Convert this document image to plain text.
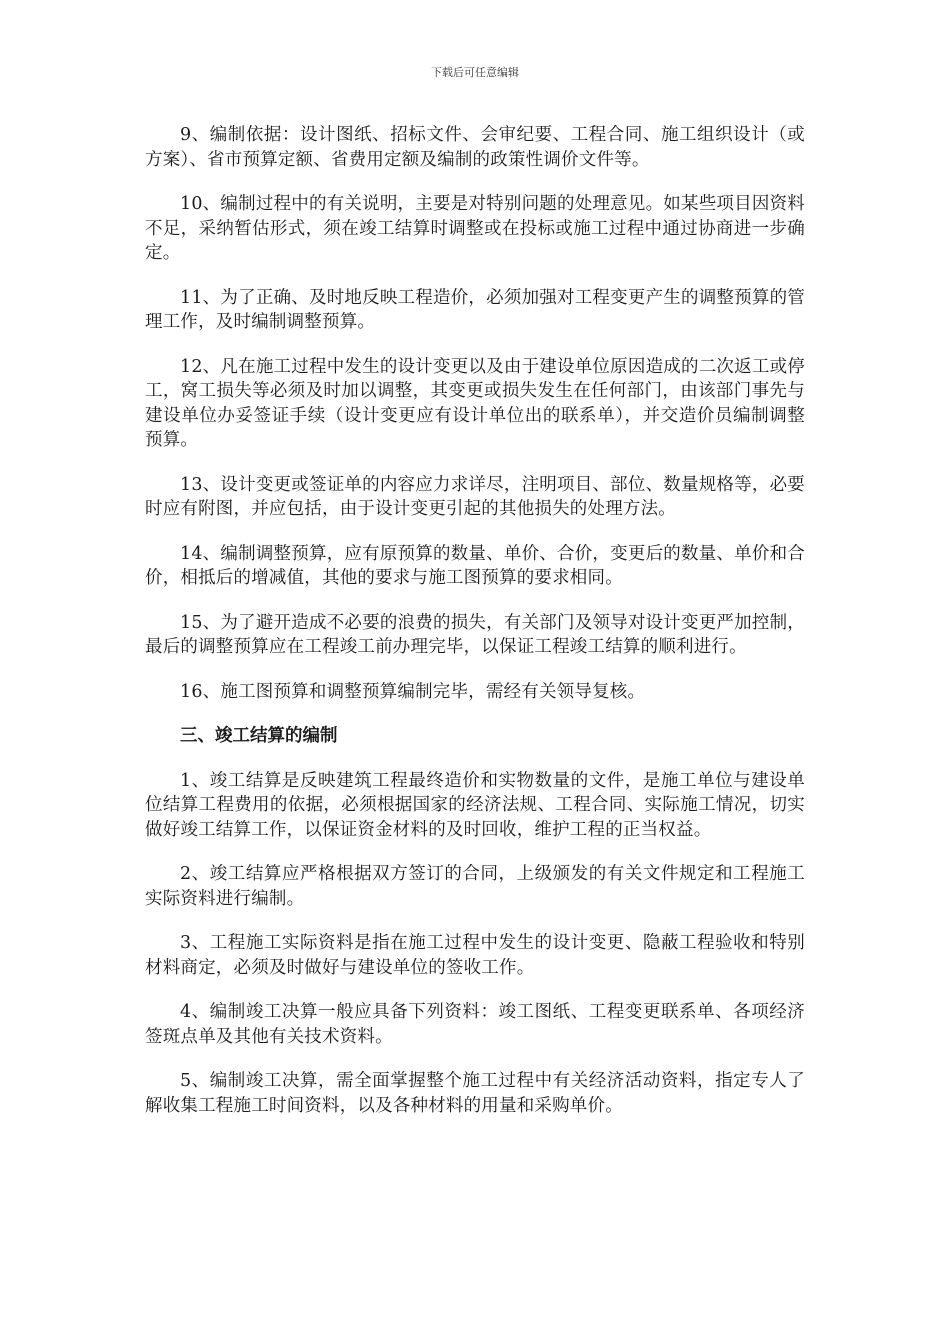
下载后可任意编辑

9、编制依据：设计图纸、招标文件、会审纪要、工程合同、施工组织设计（或方案）、省市预算定额、省费用定额及编制的政策性调价文件等。

10、编制过程中的有关说明，主要是对特别问题的处理意见。如某些项目因资料不足，采纳暂估形式，须在竣工结算时调整或在投标或施工过程中通过协商进一步确定。

11、为了正确、及时地反映工程造价，必须加强对工程变更产生的调整预算的管理工作，及时编制调整预算。

12、凡在施工过程中发生的设计变更以及由于建设单位原因造成的二次返工或停工，窝工损失等必须及时加以调整，其变更或损失发生在任何部门，由该部门事先与建设单位办妥签证手续（设计变更应有设计单位出的联系单），并交造价员编制调整预算。

13、设计变更或签证单的内容应力求详尽，注明项目、部位、数量规格等，必要时应有附图，并应包括，由于设计变更引起的其他损失的处理方法。

14、编制调整预算，应有原预算的数量、单价、合价，变更后的数量、单价和合价，相抵后的增减值，其他的要求与施工图预算的要求相同。

15、为了避开造成不必要的浪费的损失，有关部门及领导对设计变更严加控制，最后的调整预算应在工程竣工前办理完毕，以保证工程竣工结算的顺利进行。

16、施工图预算和调整预算编制完毕，需经有关领导复核。

三、竣工结算的编制

1、竣工结算是反映建筑工程最终造价和实物数量的文件，是施工单位与建设单位结算工程费用的依据，必须根据国家的经济法规、工程合同、实际施工情况，切实做好竣工结算工作，以保证资金材料的及时回收，维护工程的正当权益。

2、竣工结算应严格根据双方签订的合同，上级颁发的有关文件规定和工程施工实际资料进行编制。

3、工程施工实际资料是指在施工过程中发生的设计变更、隐蔽工程验收和特别材料商定，必须及时做好与建设单位的签收工作。

4、编制竣工决算一般应具备下列资料：竣工图纸、工程变更联系单、各项经济签斑点单及其他有关技术资料。

5、编制竣工决算，需全面掌握整个施工过程中有关经济活动资料，指定专人了解收集工程施工时间资料，以及各种材料的用量和采购单价。
